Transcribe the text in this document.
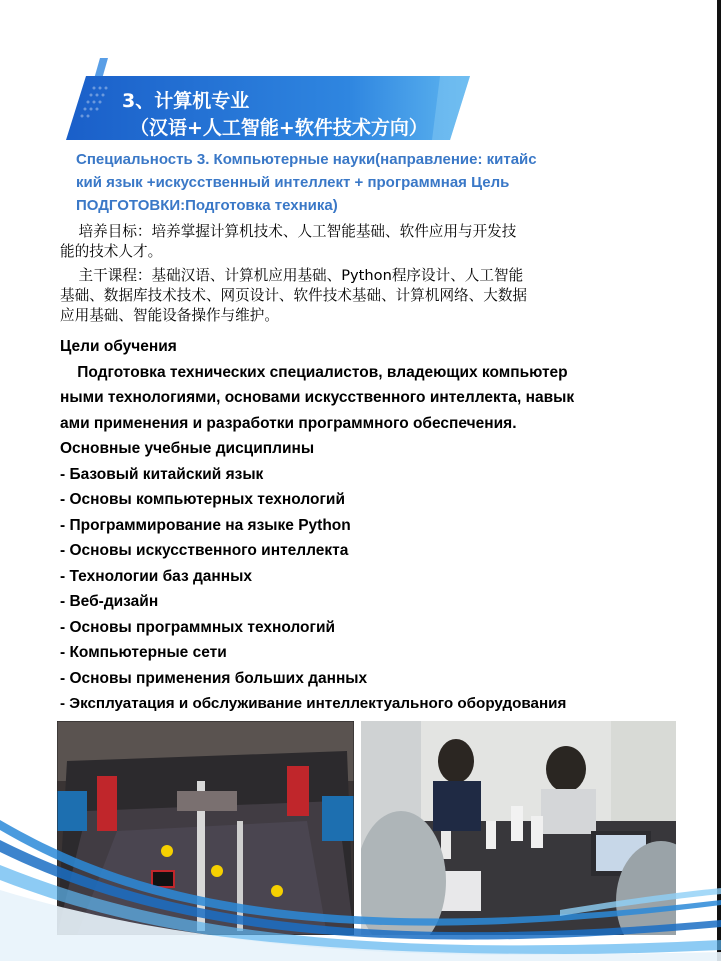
3、计算机专业
（汉语+人工智能+软件技术方向）
Специальность 3. Компьютерные науки(направление: китайс
кий язык +искусственный интеллект + программная Цель
ПОДГОТОВКИ:Подготовка техника)
培养目标：培养掌握计算机技术、人工智能基础、软件应用与开发技
能的技术人才。
主干课程：基础汉语、计算机应用基础、Python程序设计、人工智能
基础、数据库技术技术、网页设计、软件技术基础、计算机网络、大数据
应用基础、智能设备操作与维护。
Цели обучения
Подготовка технических специалистов, владеющих компьютер
ными технологиями, основами искусственного интеллекта, навык
ами применения и разработки программного обеспечения.
Основные учебные дисциплины
- Базовый китайский язык
- Основы компьютерных технологий
- Программирование на языке Python
- Основы искусственного интеллекта
- Технологии баз данных
- Веб-дизайн
- Основы программных технологий
- Компьютерные сети
- Основы применения больших данных
- Эксплуатация и обслуживание интеллектуального оборудования
